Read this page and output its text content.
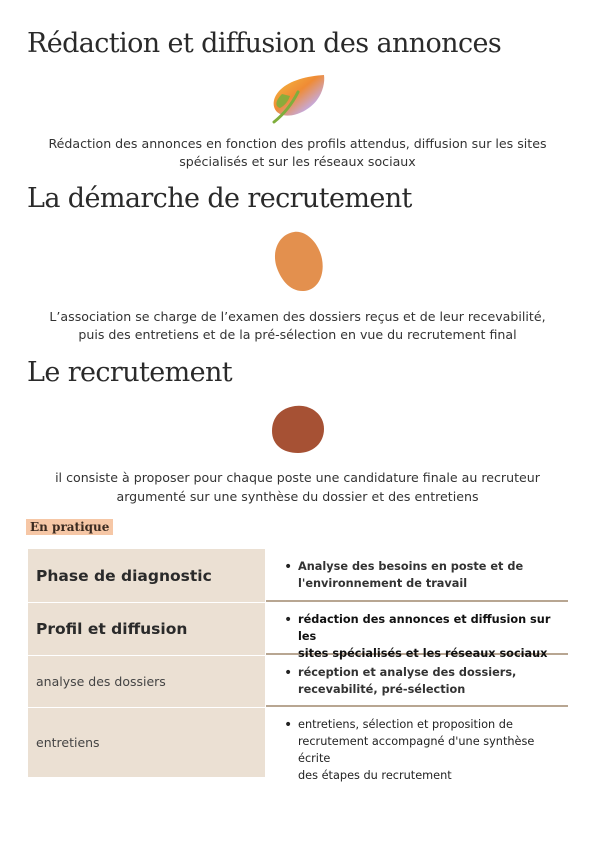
Rédaction et diffusion des annonces

Rédaction des annonces en fonction des profils attendus, diffusion sur les sites

spécialisés et sur les réseaux sociaux

La démarche de recrutement

L’association se charge de l’examen des dossiers reçus et de leur recevabilité,

puis des entretiens et de la pré-sélection en vue du recrutement final

Le recrutement

il consiste à proposer pour chaque poste une candidature finale au recruteur

argumenté sur une synthèse du dossier et des entretiens

En pratique
Phase de diagnostic •	Analyse des besoins en poste et de
l'environnement de travail
Profil et diffusion
•
rédaction des annonces et diffusion sur les
sites spécialisés et les réseaux sociaux
analyse des dossiers
•
réception et analyse des dossiers,
recevabilité, pré-sélection
entretiens
•
entretiens, sélection et proposition de
recrutement accompagné d'une synthèse écrite
des étapes du recrutement
